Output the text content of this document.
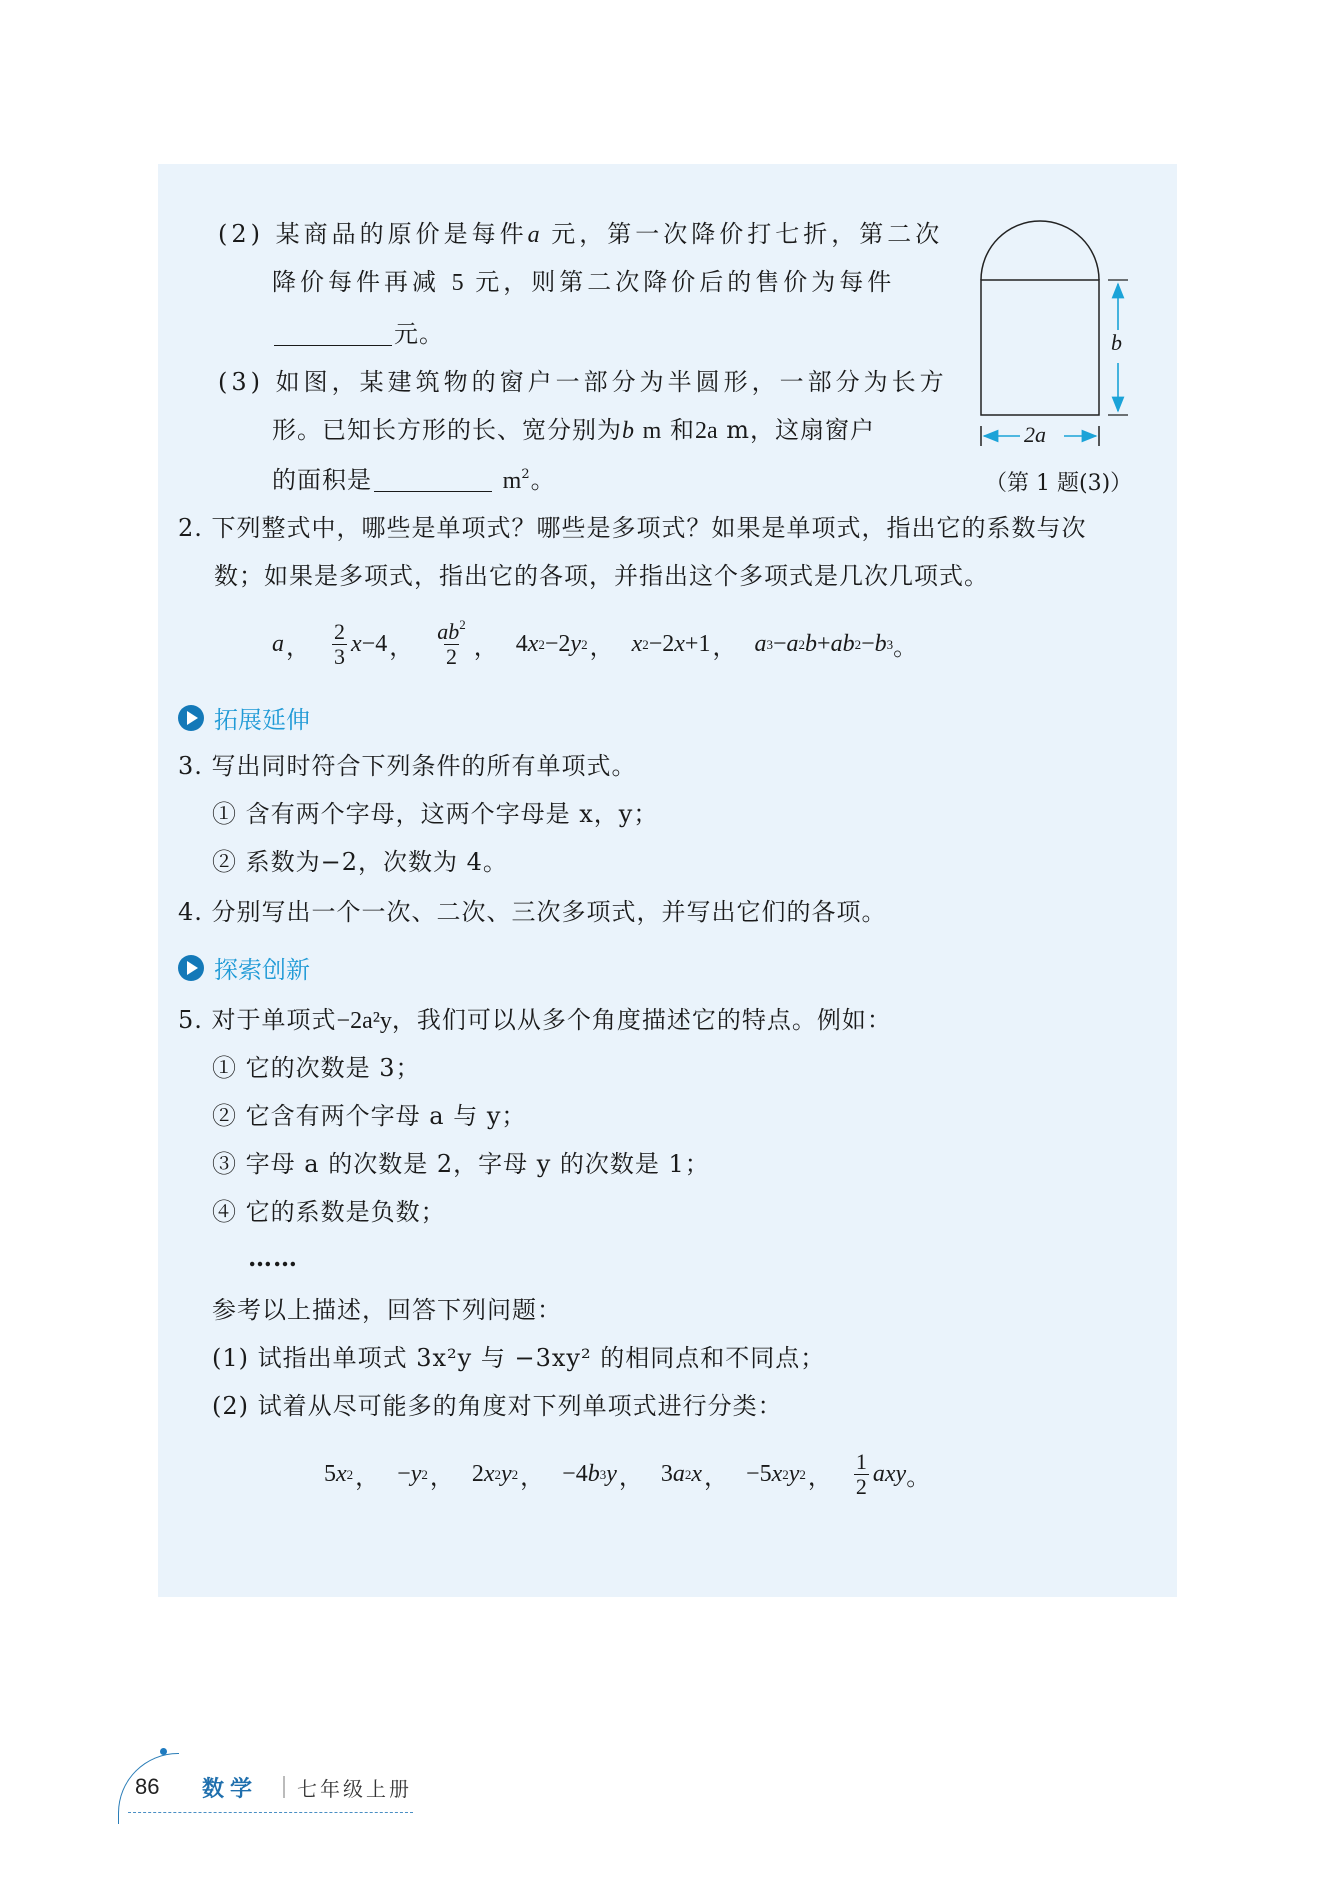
(2) 某商品的原价是每件a 元，第一次降价打七折，第二次
降价每件再减 5 元，则第二次降价后的售价为每件
元。
(3) 如图，某建筑物的窗户一部分为半圆形，一部分为长方
形。已知长方形的长、宽分别为b m 和2a m，这扇窗户
的面积是	$m^2$。
b
2a
（第 1 题(3)）
2. 下列整式中，哪些是单项式？哪些是多项式？如果是单项式，指出它的系数与次
数；如果是多项式，指出它的各项，并指出这个多项式是几次几项式。
a ， $\frac{2}{3}$ x −4 ， $\frac{ab^2}{2}$ ， 4 x 2 −2 y 2 ， x 2 −2 x +1 ， a 3 − a 2 b + ab 2 − b 3 。
拓展延伸
3. 写出同时符合下列条件的所有单项式。
① 含有两个字母，这两个字母是 x，y；
② 系数为−2，次数为 4。
4. 分别写出一个一次、二次、三次多项式，并写出它们的各项。
探索创新
5. 对于单项式−2a²y，我们可以从多个角度描述它的特点。例如：
① 它的次数是 3；
② 它含有两个字母 a 与 y；
③ 字母 a 的次数是 2，字母 y 的次数是 1；
④ 它的系数是负数；
……
参考以上描述，回答下列问题：
(1) 试指出单项式 3x²y 与 −3xy² 的相同点和不同点；
(2) 试着从尽可能多的角度对下列单项式进行分类：
5 x 2 ， − y 2 ， 2 x 2 y 2 ， −4 b 3 y ， 3 a 2 x ， −5 x 2 y 2 ， $\frac{1}{2}$ axy 。
86 数学 七年级上册
